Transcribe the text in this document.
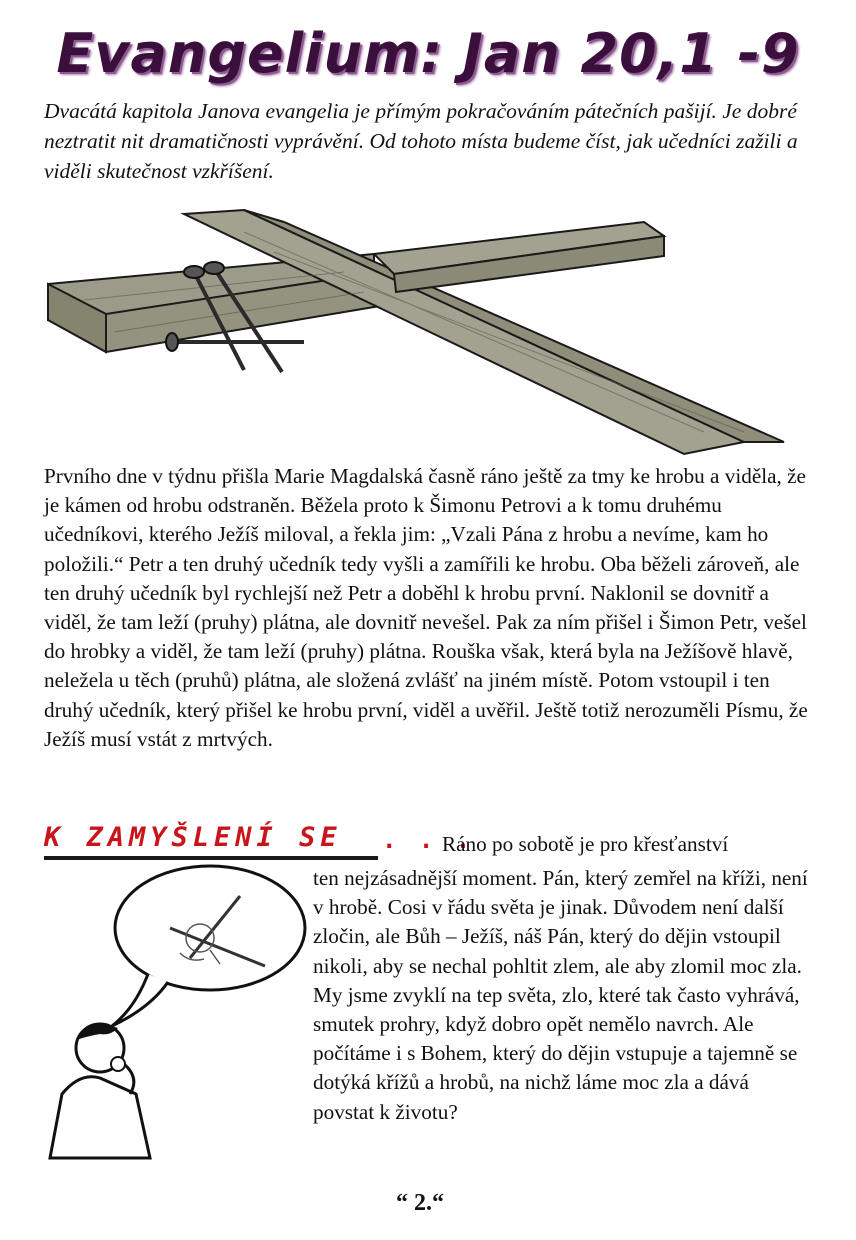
Evangelium: Jan 20,1 -9

Dvacátá kapitola Janova evangelia je přímým pokračováním pátečních pašijí. Je dobré neztratit nit dramatičnosti vyprávění. Od tohoto místa budeme číst, jak učedníci zažili a viděli skutečnost vzkříšení.

Prvního dne v týdnu přišla Marie Magdalská časně ráno ještě za tmy ke hrobu a viděla, že je kámen od hrobu odstraněn. Běžela proto k Šimonu Petrovi a k tomu druhému učedníkovi, kterého Ježíš miloval, a řekla jim: „Vzali Pána z hrobu a nevíme, kam ho položili.“ Petr a ten druhý učedník tedy vyšli a zamířili ke hrobu. Oba běželi zároveň, ale ten druhý učedník byl rychlejší než Petr a doběhl k hrobu první. Naklonil se dovnitř a viděl, že tam leží (pruhy) plátna, ale dovnitř nevešel. Pak za ním přišel i Šimon Petr, vešel do hrobky a viděl, že tam leží (pruhy) plátna. Rouška však, která byla na Ježíšově hlavě, neležela u těch (pruhů) plátna, ale složená zvlášť na jiném místě. Potom vstoupil i ten druhý učedník, který přišel ke hrobu první, viděl a uvěřil. Ještě totiž nerozuměli Písmu, že Ježíš musí vstát z mrtvých.

K ZAMYŠLENÍ SE . . .

Ráno po sobotě je pro křesťanství

ten nejzásadnější moment. Pán, který zemřel na kříži, není v hrobě. Cosi v řádu světa je jinak. Důvodem není další zločin, ale Bůh – Ježíš, náš Pán, který do dějin vstoupil nikoli, aby se nechal pohltit zlem, ale aby zlomil moc zla. My jsme zvyklí na tep světa, zlo, které tak často vyhrává, smutek prohry, když dobro opět nemělo navrch. Ale počítáme i s Bohem, který do dějin vstupuje a tajemně se dotýká křížů a hrobů, na nichž láme moc zla a dává povstat k životu?

“ 2.“
